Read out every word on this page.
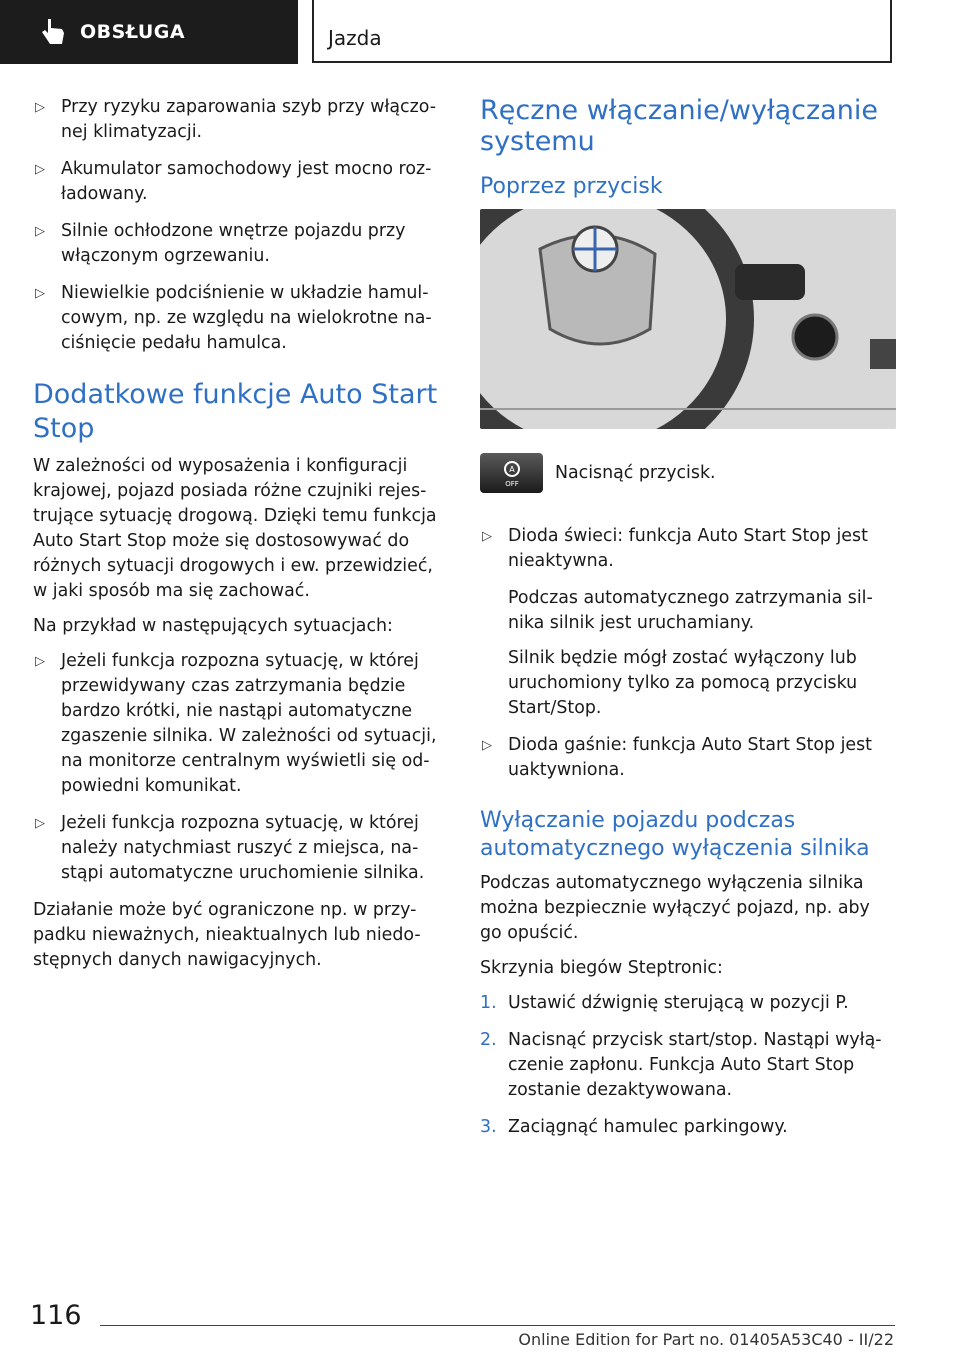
OBSŁUGA	Jazda
▷ Przy ryzyku zaparowania szyb przy włączo-nej klimatyzacji.
▷ Akumulator samochodowy jest mocno roz-ładowany.
▷ Silnie ochłodzone wnętrze pojazdu przy włączonym ogrzewaniu.
▷ Niewielkie podciśnienie w układzie hamul-cowym, np. ze względu na wielokrotne na-ciśnięcie pedału hamulca.
Dodatkowe funkcje Auto Start Stop
W zależności od wyposażenia i konfiguracji krajowej, pojazd posiada różne czujniki rejes-trujące sytuację drogową. Dzięki temu funkcja Auto Start Stop może się dostosowywać do różnych sytuacji drogowych i ew. przewidzieć, w jaki sposób ma się zachować.
Na przykład w następujących sytuacjach:
▷ Jeżeli funkcja rozpozna sytuację, w której przewidywany czas zatrzymania będzie bardzo krótki, nie nastąpi automatyczne zgaszenie silnika. W zależności od sytuacji, na monitorze centralnym wyświetli się od-powiedni komunikat.
▷ Jeżeli funkcja rozpozna sytuację, w której należy natychmiast ruszyć z miejsca, na-stąpi automatyczne uruchomienie silnika.
Działanie może być ograniczone np. w przy-padku nieważnych, nieaktualnych lub niedo-stępnych danych nawigacyjnych.
Ręczne włączanie/wyłączanie systemu
Poprzez przycisk
A
OFF
Nacisnąć przycisk.
▷ Dioda świeci: funkcja Auto Start Stop jest nieaktywna.
Podczas automatycznego zatrzymania sil-nika silnik jest uruchamiany.
Silnik będzie mógł zostać wyłączony lub uruchomiony tylko za pomocą przycisku Start/Stop.
▷ Dioda gaśnie: funkcja Auto Start Stop jest uaktywniona.
Wyłączanie pojazdu podczas automatycznego wyłączenia silnika
Podczas automatycznego wyłączenia silnika można bezpiecznie wyłączyć pojazd, np. aby go opuścić.
Skrzynia biegów Steptronic:
1. Ustawić dźwignię sterującą w pozycji P.
2. Nacisnąć przycisk start/stop. Nastąpi wyłą-czenie zapłonu. Funkcja Auto Start Stop zostanie dezaktywowana.
3. Zaciągnąć hamulec parkingowy.
116
Online Edition for Part no. 01405A53C40 - II/22
